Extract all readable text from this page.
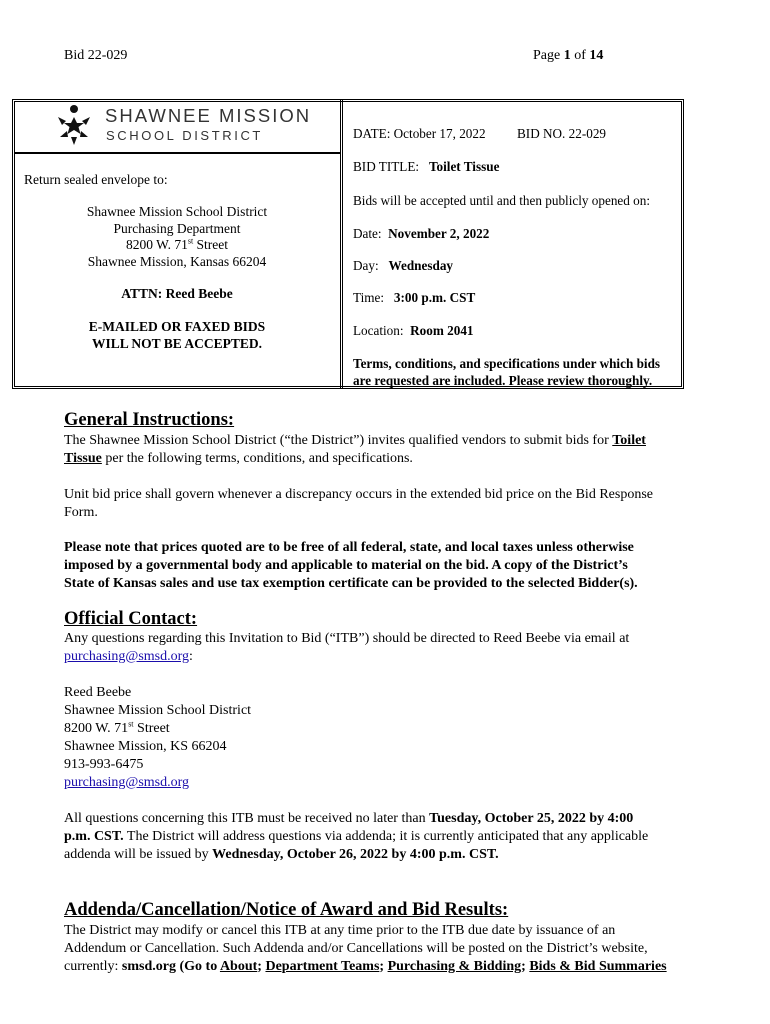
Bid 22-029	Page 1 of 14
SHAWNEE MISSION
SCHOOL DISTRICT
Return sealed envelope to:
Shawnee Mission School District
Purchasing Department
8200 W. 71st Street
Shawnee Mission, Kansas 66204
ATTN: Reed Beebe
E-MAILED OR FAXED BIDS
WILL NOT BE ACCEPTED.
DATE: October 17, 2022 BID NO. 22-029
BID TITLE: Toilet Tissue
Bids will be accepted until and then publicly opened on:
Date: November 2, 2022
Day: Wednesday
Time: 3:00 p.m. CST
Location: Room 2041
Terms, conditions, and specifications under which bids
are requested are included. Please review thoroughly.
General Instructions:
The Shawnee Mission School District (“the District”) invites qualified vendors to submit bids for Toilet
Tissue per the following terms, conditions, and specifications.
Unit bid price shall govern whenever a discrepancy occurs in the extended bid price on the Bid Response
Form.
Please note that prices quoted are to be free of all federal, state, and local taxes unless otherwise
imposed by a governmental body and applicable to material on the bid. A copy of the District’s
State of Kansas sales and use tax exemption certificate can be provided to the selected Bidder(s).
Official Contact:
Any questions regarding this Invitation to Bid (“ITB”) should be directed to Reed Beebe via email at
purchasing@smsd.org:
Reed Beebe
Shawnee Mission School District
8200 W. 71st Street
Shawnee Mission, KS 66204
913-993-6475
purchasing@smsd.org
All questions concerning this ITB must be received no later than Tuesday, October 25, 2022 by 4:00
p.m. CST. The District will address questions via addenda; it is currently anticipated that any applicable
addenda will be issued by Wednesday, October 26, 2022 by 4:00 p.m. CST.
Addenda/Cancellation/Notice of Award and Bid Results:
The District may modify or cancel this ITB at any time prior to the ITB due date by issuance of an
Addendum or Cancellation. Such Addenda and/or Cancellations will be posted on the District’s website,
currently: smsd.org (Go to About; Department Teams; Purchasing & Bidding; Bids & Bid Summaries
